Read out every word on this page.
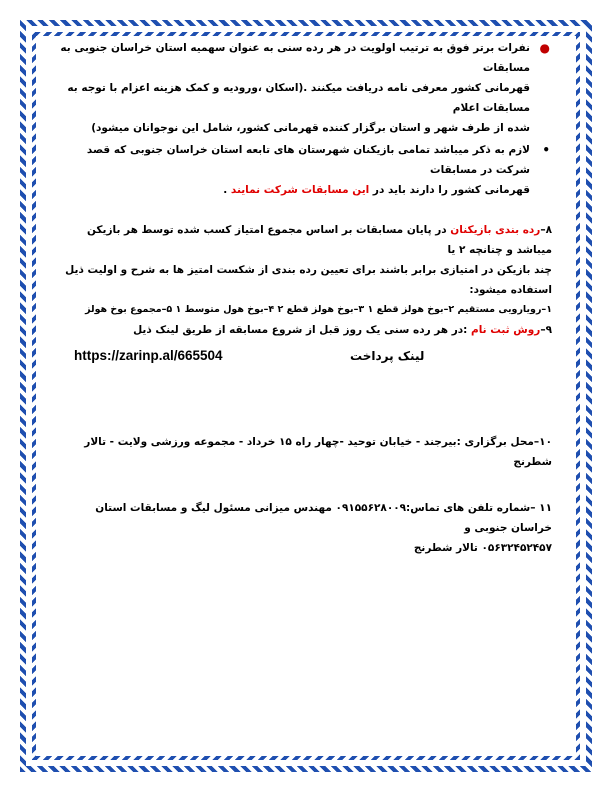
●

نفرات برتر فوق به ترتیب اولویت در هر رده سنی به عنوان سهمیه استان خراسان جنوبی به مسابقات

قهرمانی کشور معرفی نامه دریافت میکنند .(اسکان ،ورودیه و کمک هزینه اعزام با توجه به مسابقات اعلام

شده از طرف شهر و استان برگزار کننده قهرمانی کشور، شامل این نوجوانان میشود)

•

لازم به ذکر میباشد تمامی بازیکنان شهرستان های تابعه استان خراسان جنوبی که قصد شرکت در مسابقات

قهرمانی کشور را دارند باید در این مسابقات شرکت نمایند .

۸–رده بندی بازیکنان در پایان مسابقات بر اساس مجموع امتیاز کسب شده توسط هر بازیکن میباشد و چنانچه ۲ یا

چند بازیکن در امتیازی برابر باشند برای تعیین رده بندی از شکست امتیز ها به شرح و اولیت ذیل استفاده میشود:

۱–رویارویی مستقیم ۲–بوخ هولز قطع ۱ ۳–بوخ هولز قطع ۲ ۴–بوخ هول متوسط ۱ ۵–مجموع بوخ هولز

۹–روش ثبت نام :در هر رده سنی یک روز قبل از شروع مسابقه از طریق لینک ذیل

https://zarinp.al/665504	لینک پرداخت

۱۰–محل برگزاری :بیرجند - خیابان توحید -چهار راه ۱۵ خرداد - مجموعه ورزشی ولایت - تالار شطرنج

۱۱ –شماره تلفن های تماس:۰۹۱۵۵۶۲۸۰۰۹ مهندس میزانی مسئول لیگ و مسابقات استان خراسان جنوبی و

۰۵۶۳۲۴۵۲۴۵۷ تالار شطرنج
